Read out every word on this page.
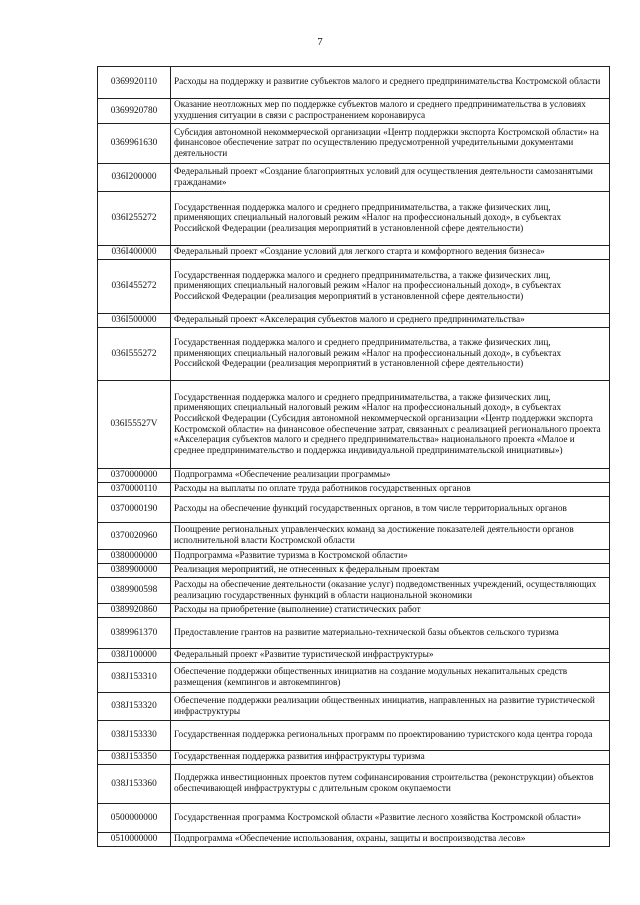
7
0369920110	Расходы на поддержку и развитие субъектов малого и среднего предпринимательства Костромской области
0369920780	Оказание неотложных мер по поддержке субъектов малого и среднего предпринимательства в условиях ухудшения ситуации в связи с распространением коронавируса
0369961630	Субсидия автономной некоммерческой организации «Центр поддержки экспорта Костромской области» на финансовое обеспечение затрат по осуществлению предусмотренной учредительными документами деятельности
036I200000	Федеральный проект «Создание благоприятных условий для осуществления деятельности самозанятыми гражданами»
036I255272	Государственная поддержка малого и среднего предпринимательства, а также физических лиц, применяющих специальный налоговый режим «Налог на профессиональный доход», в субъектах Российской Федерации (реализация мероприятий в установленной сфере деятельности)
036I400000	Федеральный проект «Создание условий для легкого старта и комфортного ведения бизнеса»
036I455272	Государственная поддержка малого и среднего предпринимательства, а также физических лиц, применяющих специальный налоговый режим «Налог на профессиональный доход», в субъектах Российской Федерации (реализация мероприятий в установленной сфере деятельности)
036I500000	Федеральный проект «Акселерация субъектов малого и среднего предпринимательства»
036I555272	Государственная поддержка малого и среднего предпринимательства, а также физических лиц, применяющих специальный налоговый режим «Налог на профессиональный доход», в субъектах Российской Федерации (реализация мероприятий в установленной сфере деятельности)
036I55527V	Государственная поддержка малого и среднего предпринимательства, а также физических лиц, применяющих специальный налоговый режим «Налог на профессиональный доход», в субъектах Российской Федерации (Субсидия автономной некоммерческой организации «Центр поддержки экспорта Костромской области» на финансовое обеспечение затрат, связанных с реализацией регионального проекта «Акселерация субъектов малого и среднего предпринимательства» национального проекта «Малое и среднее предпринимательство и поддержка индивидуальной предпринимательской инициативы»)
0370000000	Подпрограмма «Обеспечение реализации программы»
0370000110	Расходы на выплаты по оплате труда работников государственных органов
0370000190	Расходы на обеспечение функций государственных органов, в том числе территориальных органов
0370020960	Поощрение региональных управленческих команд за достижение показателей деятельности органов исполнительной власти Костромской области
0380000000	Подпрограмма «Развитие туризма в Костромской области»
0389900000	Реализация мероприятий, не отнесенных к федеральным проектам
0389900598	Расходы на обеспечение деятельности (оказание услуг) подведомственных учреждений, осуществляющих реализацию государственных функций в области национальной экономики
0389920860	Расходы на приобретение (выполнение) статистических работ
0389961370	Предоставление грантов на развитие материально-технической базы объектов сельского туризма
038J100000	Федеральный проект «Развитие туристической инфраструктуры»
038J153310	Обеспечение поддержки общественных инициатив на создание модульных некапитальных средств размещения (кемпингов и автокемпингов)
038J153320	Обеспечение поддержки реализации общественных инициатив, направленных на развитие туристической инфраструктуры
038J153330	Государственная поддержка региональных программ по проектированию туристского кода центра города
038J153350	Государственная поддержка развития инфраструктуры туризма
038J153360	Поддержка инвестиционных проектов путем софинансирования строительства (реконструкции) объектов обеспечивающей инфраструктуры с длительным сроком окупаемости
0500000000	Государственная программа Костромской области «Развитие лесного хозяйства Костромской области»
0510000000	Подпрограмма «Обеспечение использования, охраны, защиты и воспроизводства лесов»
